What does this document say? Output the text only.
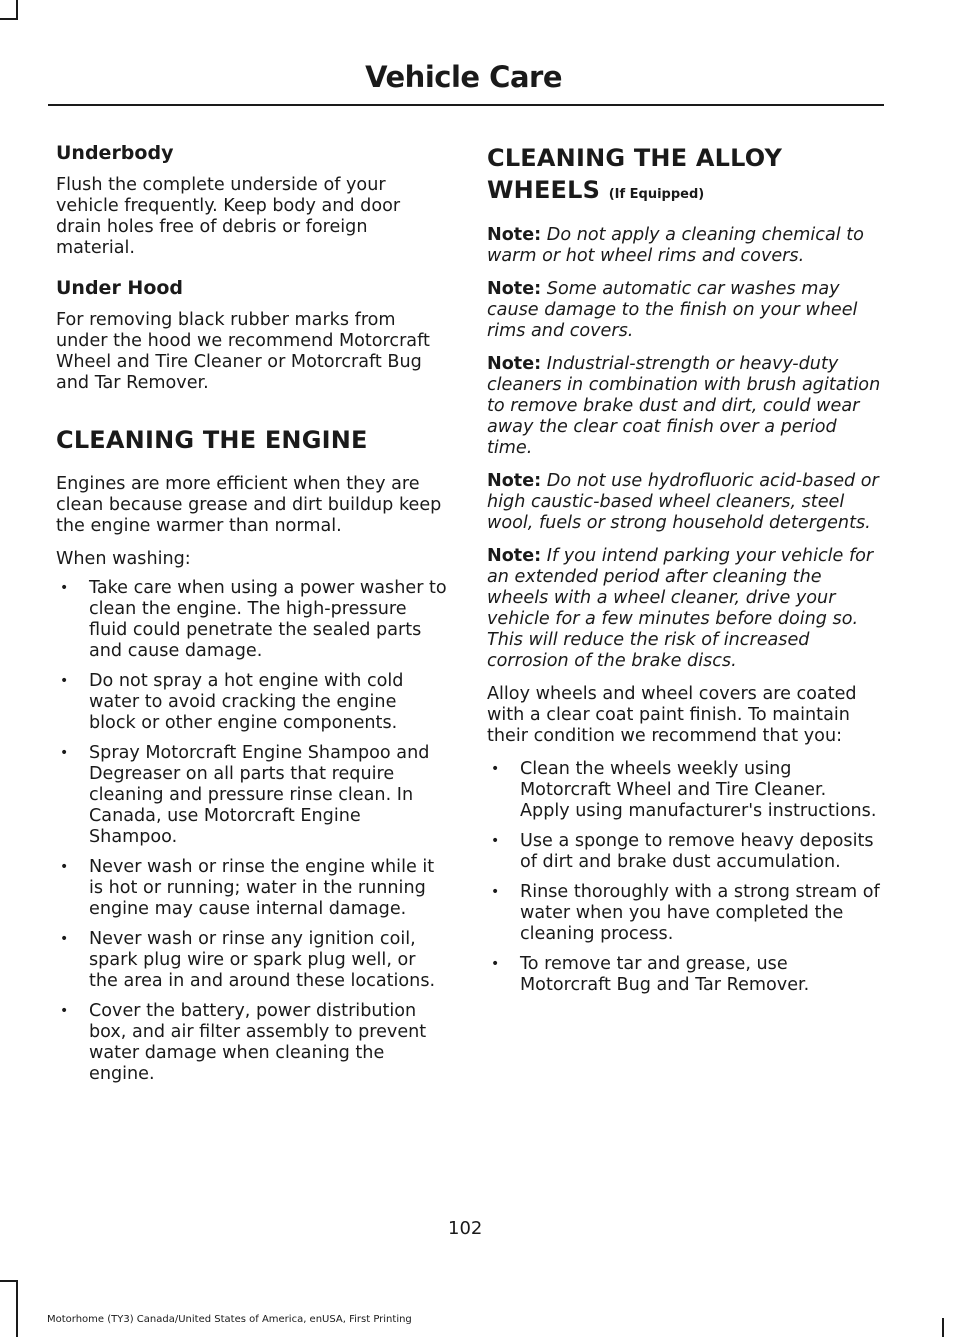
Vehicle Care
Underbody

Flush the complete underside of your vehicle frequently. Keep body and door drain holes free of debris or foreign material.

Under Hood

For removing black rubber marks from under the hood we recommend Motorcraft Wheel and Tire Cleaner or Motorcraft Bug and Tar Remover.

CLEANING THE ENGINE

Engines are more efficient when they are clean because grease and dirt buildup keep the engine warmer than normal.

When washing:

• Take care when using a power washer to clean the engine. The high-pressure fluid could penetrate the sealed parts and cause damage.
• Do not spray a hot engine with cold water to avoid cracking the engine block or other engine components.
• Spray Motorcraft Engine Shampoo and Degreaser on all parts that require cleaning and pressure rinse clean. In Canada, use Motorcraft Engine Shampoo.
• Never wash or rinse the engine while it is hot or running; water in the running engine may cause internal damage.
• Never wash or rinse any ignition coil, spark plug wire or spark plug well, or the area in and around these locations.
• Cover the battery, power distribution box, and air filter assembly to prevent water damage when cleaning the engine.
CLEANING THE ALLOY
WHEELS (If Equipped)

Note: Do not apply a cleaning chemical to warm or hot wheel rims and covers.

Note: Some automatic car washes may cause damage to the finish on your wheel rims and covers.

Note: Industrial-strength or heavy-duty cleaners in combination with brush agitation to remove brake dust and dirt, could wear away the clear coat finish over a period time.

Note: Do not use hydrofluoric acid-based or high caustic-based wheel cleaners, steel wool, fuels or strong household detergents.

Note: If you intend parking your vehicle for an extended period after cleaning the wheels with a wheel cleaner, drive your vehicle for a few minutes before doing so. This will reduce the risk of increased corrosion of the brake discs.

Alloy wheels and wheel covers are coated with a clear coat paint finish. To maintain their condition we recommend that you:

• Clean the wheels weekly using Motorcraft Wheel and Tire Cleaner. Apply using manufacturer's instructions.
• Use a sponge to remove heavy deposits of dirt and brake dust accumulation.
• Rinse thoroughly with a strong stream of water when you have completed the cleaning process.
• To remove tar and grease, use Motorcraft Bug and Tar Remover.
102
Motorhome (TY3) Canada/United States of America, enUSA, First Printing
